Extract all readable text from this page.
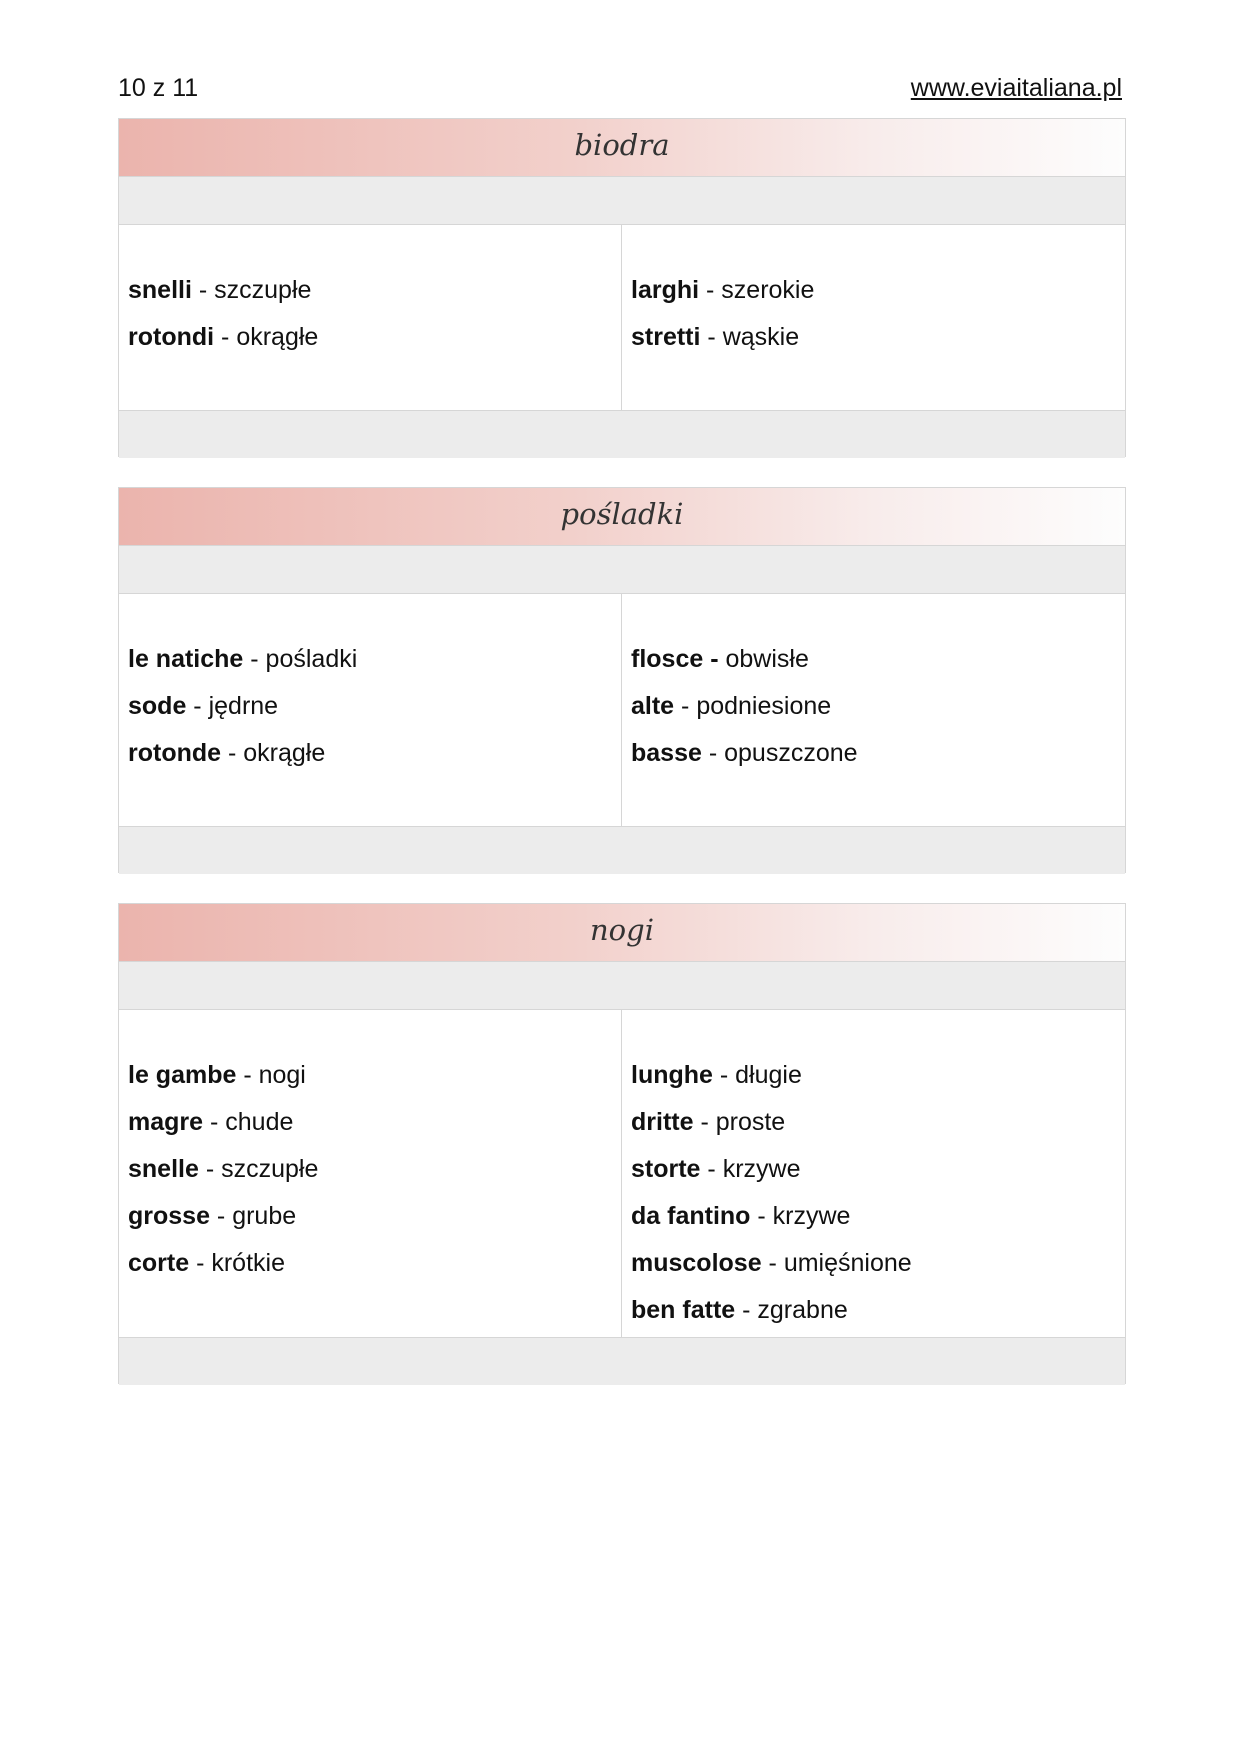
10 z 11	www.eviaitaliana.pl
biodra
snelli - szczupłe
rotondi - okrągłe
larghi - szerokie
stretti - wąskie
pośladki
le natiche - pośladki
sode - jędrne
rotonde - okrągłe
flosce - obwisłe
alte - podniesione
basse - opuszczone
nogi
le gambe - nogi
magre - chude
snelle - szczupłe
grosse - grube
corte - krótkie
lunghe - długie
dritte - proste
storte - krzywe
da fantino - krzywe
muscolose - umięśnione
ben fatte - zgrabne
